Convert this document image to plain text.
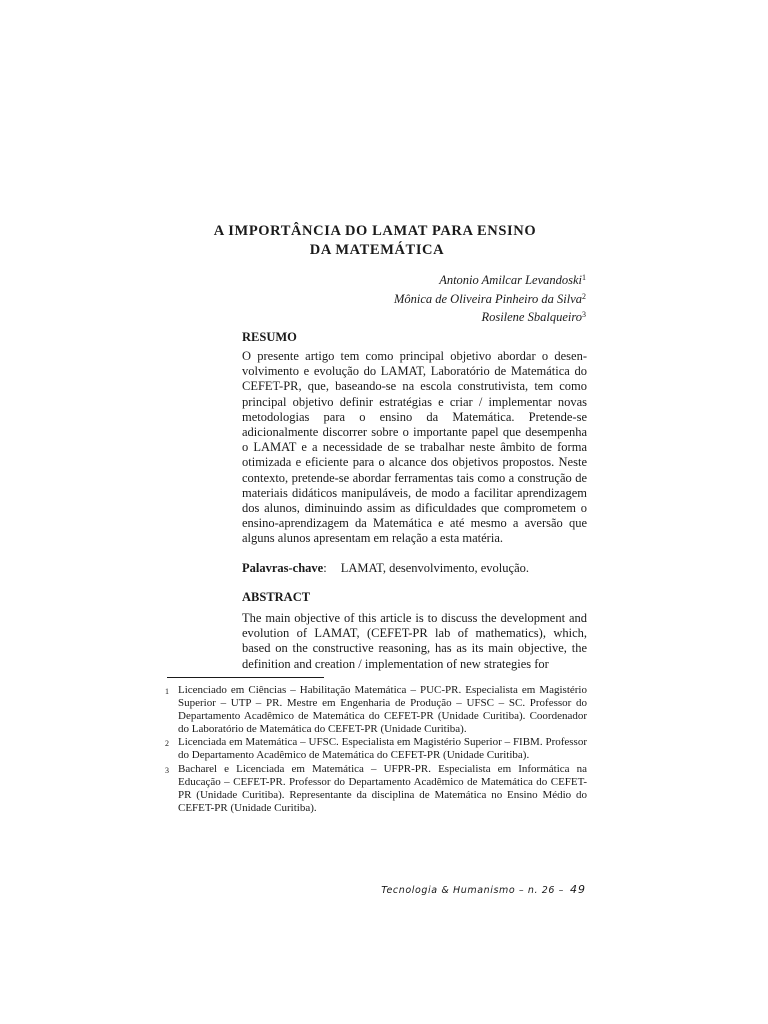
A IMPORTÂNCIA DO LAMAT PARA ENSINO
DA MATEMÁTICA
Antonio Amilcar Levandoski$^1$
Mônica de Oliveira Pinheiro da Silva$^2$
Rosilene Sbalqueiro$^3$
RESUMO

O presente artigo tem como principal objetivo abordar o desenvolvimento e evolução do LAMAT, Laboratório de Matemática do CEFET-PR, que, baseando-se na escola construtivista, tem como principal objetivo definir estratégias e criar / implementar novas metodologias para o ensino da Matemática. Pretende-se adicionalmente discorrer sobre o importante papel que desempenha o LAMAT e a necessidade de se trabalhar neste âmbito de forma otimizada e eficiente para o alcance dos objetivos propostos. Neste contexto, pretende-se abordar ferramentas tais como a construção de materiais didáticos manipuláveis, de modo a facilitar aprendizagem dos alunos, diminuindo assim as dificuldades que comprometem o ensino-aprendizagem da Matemática e até mesmo a aversão que alguns alunos apresentam em relação a esta matéria.

Palavras-chave: LAMAT, desenvolvimento, evolução.
ABSTRACT

The main objective of this article is to discuss the development and evolution of LAMAT, (CEFET-PR lab of mathematics), which, based on the constructive reasoning, has as its main objective, the definition and creation / implementation of new strategies for

1 Licenciado em Ciências – Habilitação Matemática – PUC-PR. Especialista em Magistério Superior – UTP – PR. Mestre em Engenharia de Produção – UFSC – SC. Professor do Departamento Acadêmico de Matemática do CEFET-PR (Unidade Curitiba). Coordenador do Laboratório de Matemática do CEFET-PR (Unidade Curitiba).
2 Licenciada em Matemática – UFSC. Especialista em Magistério Superior – FIBM. Professor do Departamento Acadêmico de Matemática do CEFET-PR (Unidade Curitiba).
3 Bacharel e Licenciada em Matemática – UFPR-PR. Especialista em Informática na Educação – CEFET-PR. Professor do Departamento Acadêmico de Matemática do CEFET-PR (Unidade Curitiba). Representante da disciplina de Matemática no Ensino Médio do CEFET-PR (Unidade Curitiba).
Tecnologia & Humanismo – n. 26 – 49
